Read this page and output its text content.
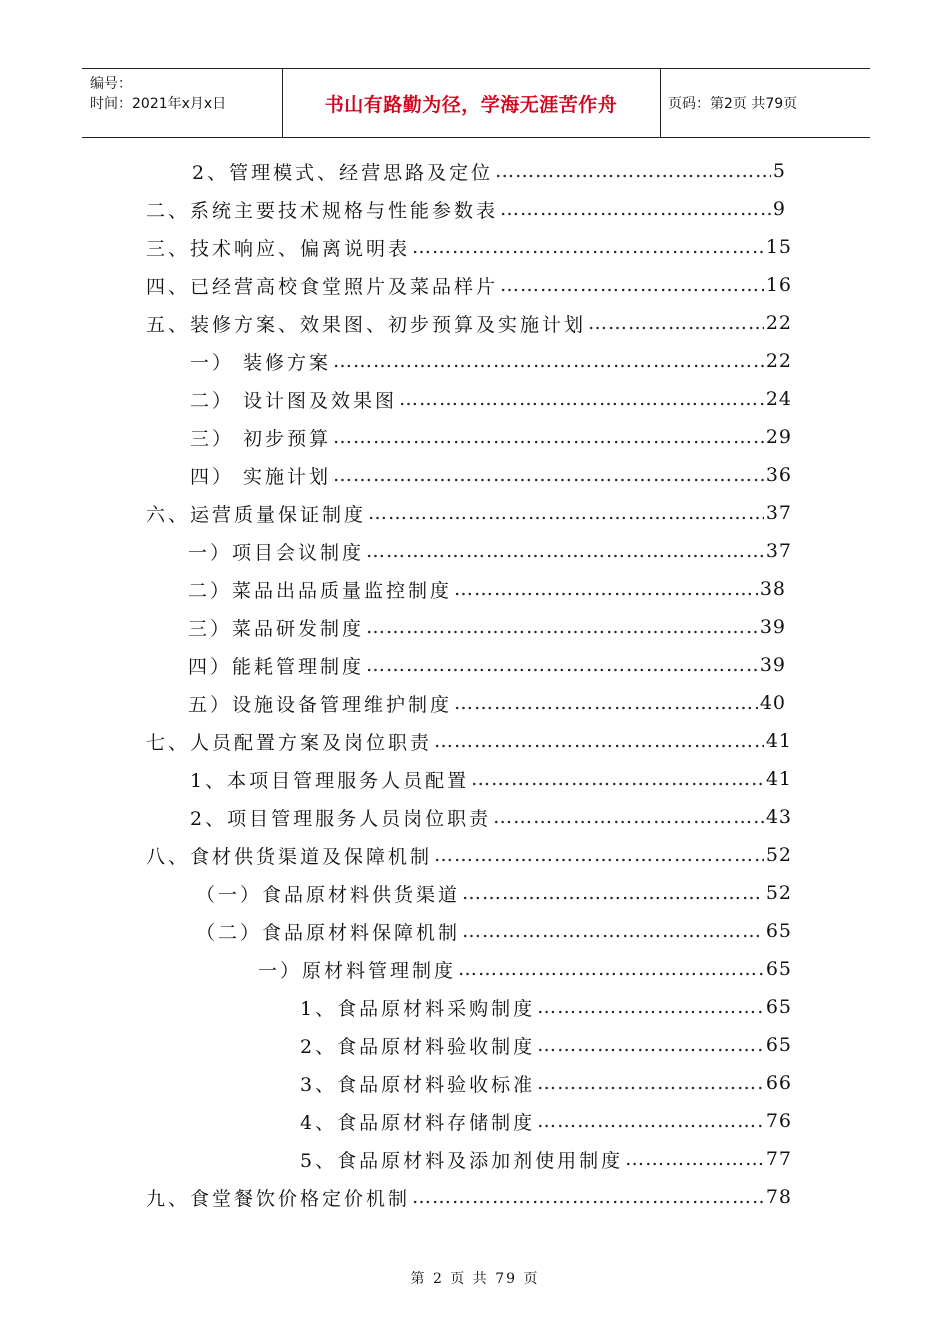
编号：
时间：2021年x月x日	书山有路勤为径，学海无涯苦作舟	页码：第2页 共79页
2、管理模式、经营思路及定位 ……………………………………………………………………………………………………………………………………………………………	5
二、系统主要技术规格与性能参数表 ……………………………………………………………………………………………………………………………………………………………	9
三、技术响应、偏离说明表 ……………………………………………………………………………………………………………………………………………………………	15
四、已经营高校食堂照片及菜品样片 ……………………………………………………………………………………………………………………………………………………………	16
五、装修方案、效果图、初步预算及实施计划 ……………………………………………………………………………………………………………………………………………………………	22
一） 装修方案 ……………………………………………………………………………………………………………………………………………………………	22
二） 设计图及效果图 ……………………………………………………………………………………………………………………………………………………………	24
三） 初步预算 ……………………………………………………………………………………………………………………………………………………………	29
四） 实施计划 ……………………………………………………………………………………………………………………………………………………………	36
六、运营质量保证制度 ……………………………………………………………………………………………………………………………………………………………	37
一）项目会议制度 ……………………………………………………………………………………………………………………………………………………………	37
二）菜品出品质量监控制度 ……………………………………………………………………………………………………………………………………………………………	38
三）菜品研发制度 ……………………………………………………………………………………………………………………………………………………………	39
四）能耗管理制度 ……………………………………………………………………………………………………………………………………………………………	39
五）设施设备管理维护制度 ……………………………………………………………………………………………………………………………………………………………	40
七、人员配置方案及岗位职责 ……………………………………………………………………………………………………………………………………………………………	41
1、本项目管理服务人员配置 ……………………………………………………………………………………………………………………………………………………………	41
2、项目管理服务人员岗位职责 ……………………………………………………………………………………………………………………………………………………………	43
八、食材供货渠道及保障机制 ……………………………………………………………………………………………………………………………………………………………	52
（一）食品原材料供货渠道 ……………………………………………………………………………………………………………………………………………………………	52
（二）食品原材料保障机制 ……………………………………………………………………………………………………………………………………………………………	65
一）原材料管理制度 ……………………………………………………………………………………………………………………………………………………………	65
1、食品原材料采购制度 ……………………………………………………………………………………………………………………………………………………………	65
2、食品原材料验收制度 ……………………………………………………………………………………………………………………………………………………………	65
3、食品原材料验收标准 ……………………………………………………………………………………………………………………………………………………………	66
4、食品原材料存储制度 ……………………………………………………………………………………………………………………………………………………………	76
5、食品原材料及添加剂使用制度 ……………………………………………………………………………………………………………………………………………………………	77
九、食堂餐饮价格定价机制 ……………………………………………………………………………………………………………………………………………………………	78
第 2 页 共 79 页
